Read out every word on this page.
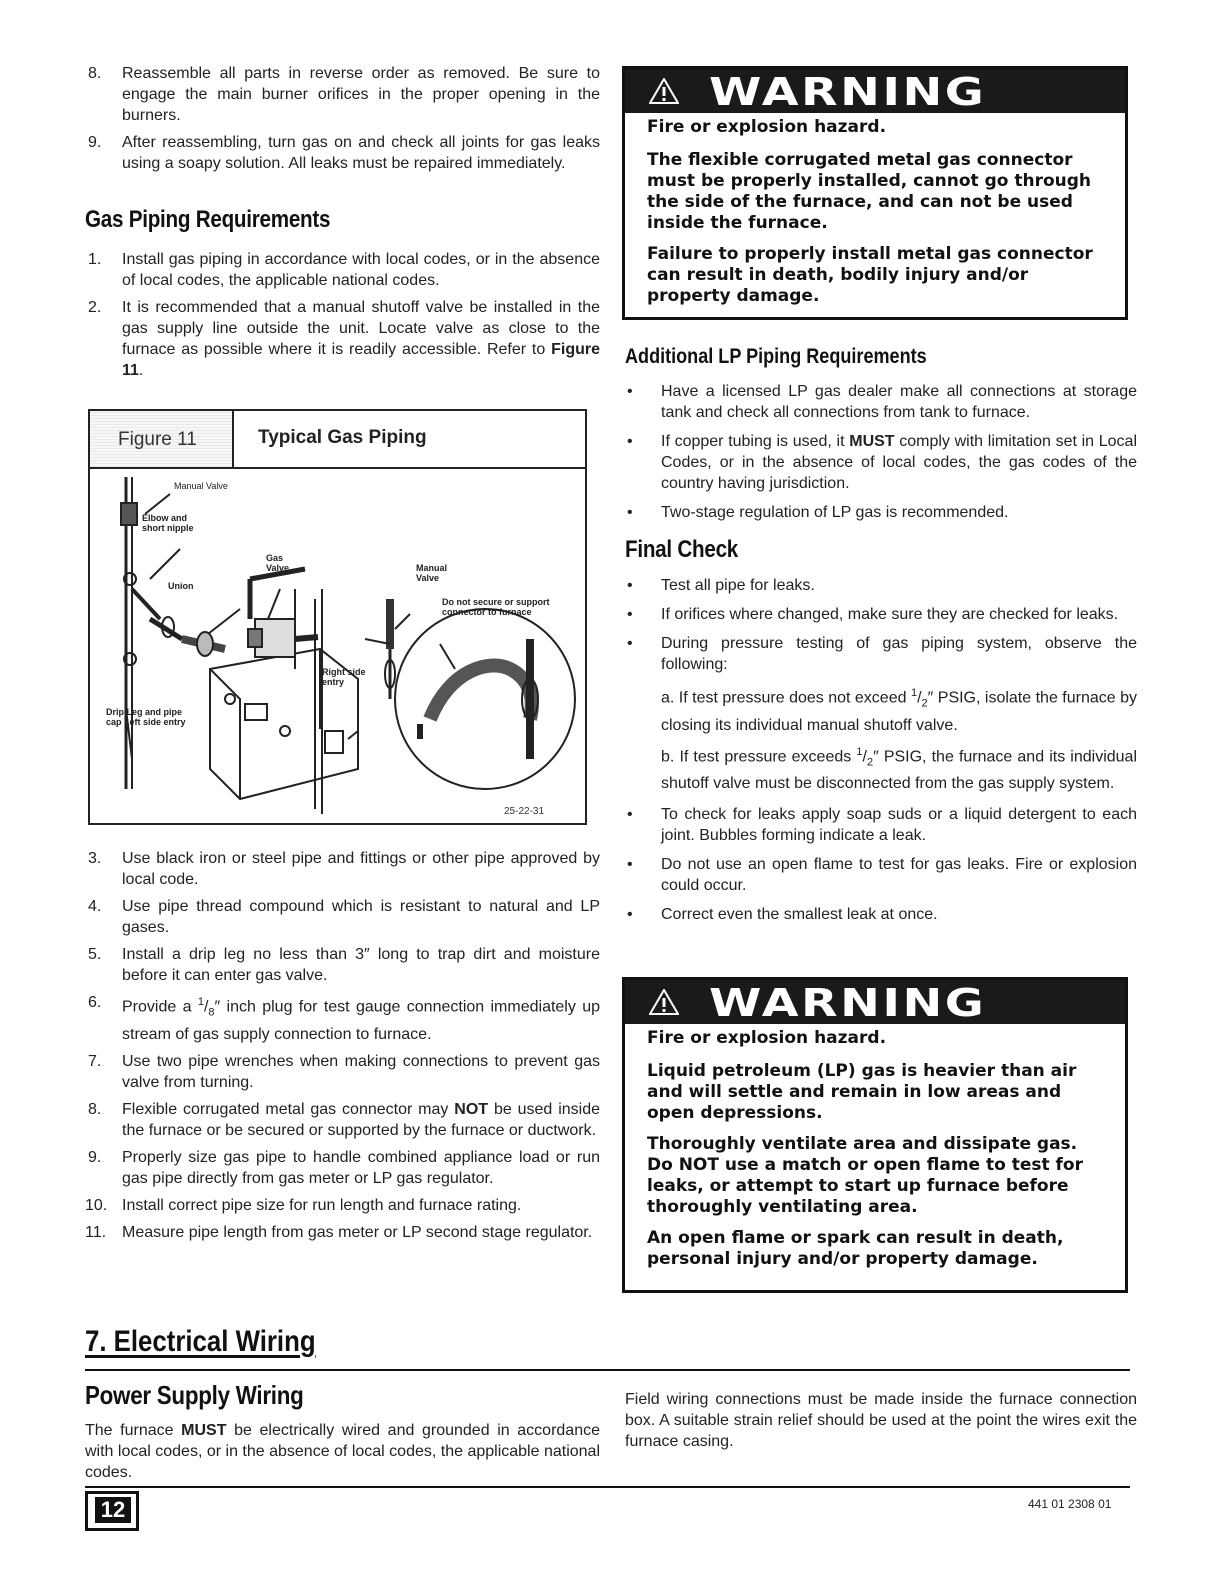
8. Reassemble all parts in reverse order as removed. Be sure to engage the main burner orifices in the proper opening in the burners.
9. After reassembling, turn gas on and check all joints for gas leaks using a soapy solution. All leaks must be repaired immediately.
Gas Piping Requirements
1. Install gas piping in accordance with local codes, or in the absence of local codes, the applicable national codes.
2. It is recommended that a manual shutoff valve be installed in the gas supply line outside the unit. Locate valve as close to the furnace as possible where it is readily accessible. Refer to Figure 11.
Figure 11	Typical Gas Piping
25-22-31
Manual Valve
Elbow and short nipple
Gas Valve	Manual Valve
Union
Do not secure or support connector to furnace
Right side entry
Drip Leg and pipe cap Left side entry
3. Use black iron or steel pipe and fittings or other pipe approved by local code.
4. Use pipe thread compound which is resistant to natural and LP gases.
5. Install a drip leg no less than 3″ long to trap dirt and moisture before it can enter gas valve.
6. Provide a $^1/_8''$ inch plug for test gauge connection immediately up stream of gas supply connection to furnace.
7. Use two pipe wrenches when making connections to prevent gas valve from turning.
8. Flexible corrugated metal gas connector may NOT be used inside the furnace or be secured or supported by the furnace or ductwork.
9. Properly size gas pipe to handle combined appliance load or run gas pipe directly from gas meter or LP gas regulator.
10. Install correct pipe size for run length and furnace rating.
11. Measure pipe length from gas meter or LP second stage regulator.
WARNING

Fire or explosion hazard.

The flexible corrugated metal gas connector must be properly installed, cannot go through the side of the furnace, and can not be used inside the furnace.

Failure to properly install metal gas connector can result in death, bodily injury and/or property damage.

Additional LP Piping Requirements
• Have a licensed LP gas dealer make all connections at storage tank and check all connections from tank to furnace.
• If copper tubing is used, it MUST comply with limitation set in Local Codes, or in the absence of local codes, the gas codes of the country having jurisdiction.
• Two-stage regulation of LP gas is recommended.
Final Check
• Test all pipe for leaks.
• If orifices where changed, make sure they are checked for leaks.
• During pressure testing of gas piping system, observe the following:
a. If test pressure does not exceed $^1/_2''$ PSIG, isolate the furnace by closing its individual manual shutoff valve.
b. If test pressure exceeds $^1/_2''$ PSIG, the furnace and its individual shutoff valve must be disconnected from the gas supply system.
• To check for leaks apply soap suds or a liquid detergent to each joint. Bubbles forming indicate a leak.
• Do not use an open flame to test for gas leaks. Fire or explosion could occur.
• Correct even the smallest leak at once.
WARNING

Fire or explosion hazard.

Liquid petroleum (LP) gas is heavier than air and will settle and remain in low areas and open depressions.

Thoroughly ventilate area and dissipate gas. Do NOT use a match or open flame to test for leaks, or attempt to start up furnace before thoroughly ventilating area.

An open flame or spark can result in death, personal injury and/or property damage.

7. Electrical Wiring
Power Supply Wiring
The furnace MUST be electrically wired and grounded in accordance with local codes, or in the absence of local codes, the applicable national codes.
Field wiring connections must be made inside the furnace connection box. A suitable strain relief should be used at the point the wires exit the furnace casing.
12	441 01 2308 01
